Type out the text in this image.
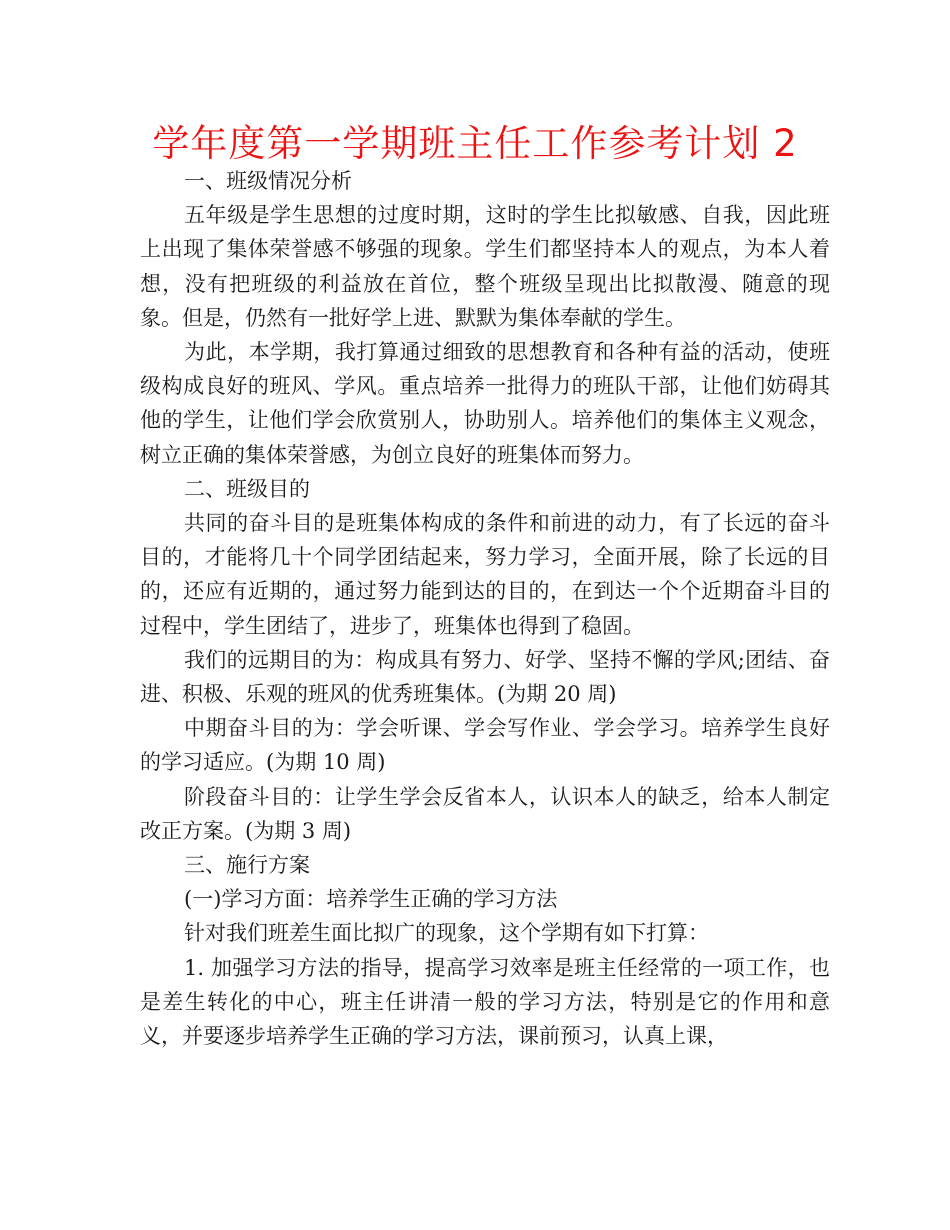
学年度第一学期班主任工作参考计划 2

一、班级情况分析

五年级是学生思想的过度时期，这时的学生比拟敏感、自我，因此班上出现了集体荣誉感不够强的现象。学生们都坚持本人的观点，为本人着想，没有把班级的利益放在首位，整个班级呈现出比拟散漫、随意的现象。但是，仍然有一批好学上进、默默为集体奉献的学生。

为此，本学期，我打算通过细致的思想教育和各种有益的活动，使班级构成良好的班风、学风。重点培养一批得力的班队干部，让他们妨碍其他的学生，让他们学会欣赏别人，协助别人。培养他们的集体主义观念，树立正确的集体荣誉感，为创立良好的班集体而努力。

二、班级目的

共同的奋斗目的是班集体构成的条件和前进的动力，有了长远的奋斗目的，才能将几十个同学团结起来，努力学习，全面开展，除了长远的目的，还应有近期的，通过努力能到达的目的，在到达一个个近期奋斗目的过程中，学生团结了，进步了，班集体也得到了稳固。

我们的远期目的为：构成具有努力、好学、坚持不懈的学风;团结、奋进、积极、乐观的班风的优秀班集体。(为期 20 周)

中期奋斗目的为：学会听课、学会写作业、学会学习。培养学生良好的学习适应。(为期 10 周)

阶段奋斗目的：让学生学会反省本人，认识本人的缺乏，给本人制定改正方案。(为期 3 周)

三、施行方案

(一)学习方面：培养学生正确的学习方法

针对我们班差生面比拟广的现象，这个学期有如下打算：

1. 加强学习方法的指导，提高学习效率是班主任经常的一项工作，也是差生转化的中心，班主任讲清一般的学习方法，特别是它的作用和意义，并要逐步培养学生正确的学习方法，课前预习，认真上课，
